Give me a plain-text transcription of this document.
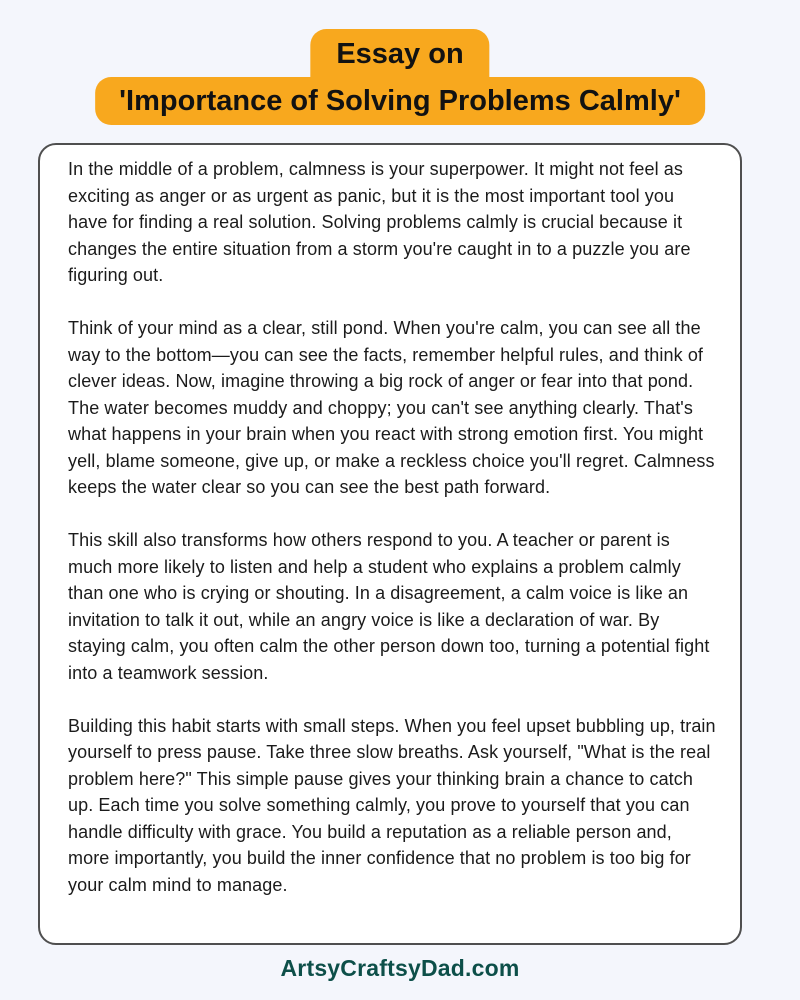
Essay on
'Importance of Solving Problems Calmly'

In the middle of a problem, calmness is your superpower. It might not feel as exciting as anger or as urgent as panic, but it is the most important tool you have for finding a real solution. Solving problems calmly is crucial because it changes the entire situation from a storm you're caught in to a puzzle you are figuring out.

Think of your mind as a clear, still pond. When you're calm, you can see all the way to the bottom—you can see the facts, remember helpful rules, and think of clever ideas. Now, imagine throwing a big rock of anger or fear into that pond. The water becomes muddy and choppy; you can't see anything clearly. That's what happens in your brain when you react with strong emotion first. You might yell, blame someone, give up, or make a reckless choice you'll regret. Calmness keeps the water clear so you can see the best path forward.

This skill also transforms how others respond to you. A teacher or parent is much more likely to listen and help a student who explains a problem calmly than one who is crying or shouting. In a disagreement, a calm voice is like an invitation to talk it out, while an angry voice is like a declaration of war. By staying calm, you often calm the other person down too, turning a potential fight into a teamwork session.

Building this habit starts with small steps. When you feel upset bubbling up, train yourself to press pause. Take three slow breaths. Ask yourself, "What is the real problem here?" This simple pause gives your thinking brain a chance to catch up. Each time you solve something calmly, you prove to yourself that you can handle difficulty with grace. You build a reputation as a reliable person and, more importantly, you build the inner confidence that no problem is too big for your calm mind to manage.

ArtsyCraftsyDad.com
